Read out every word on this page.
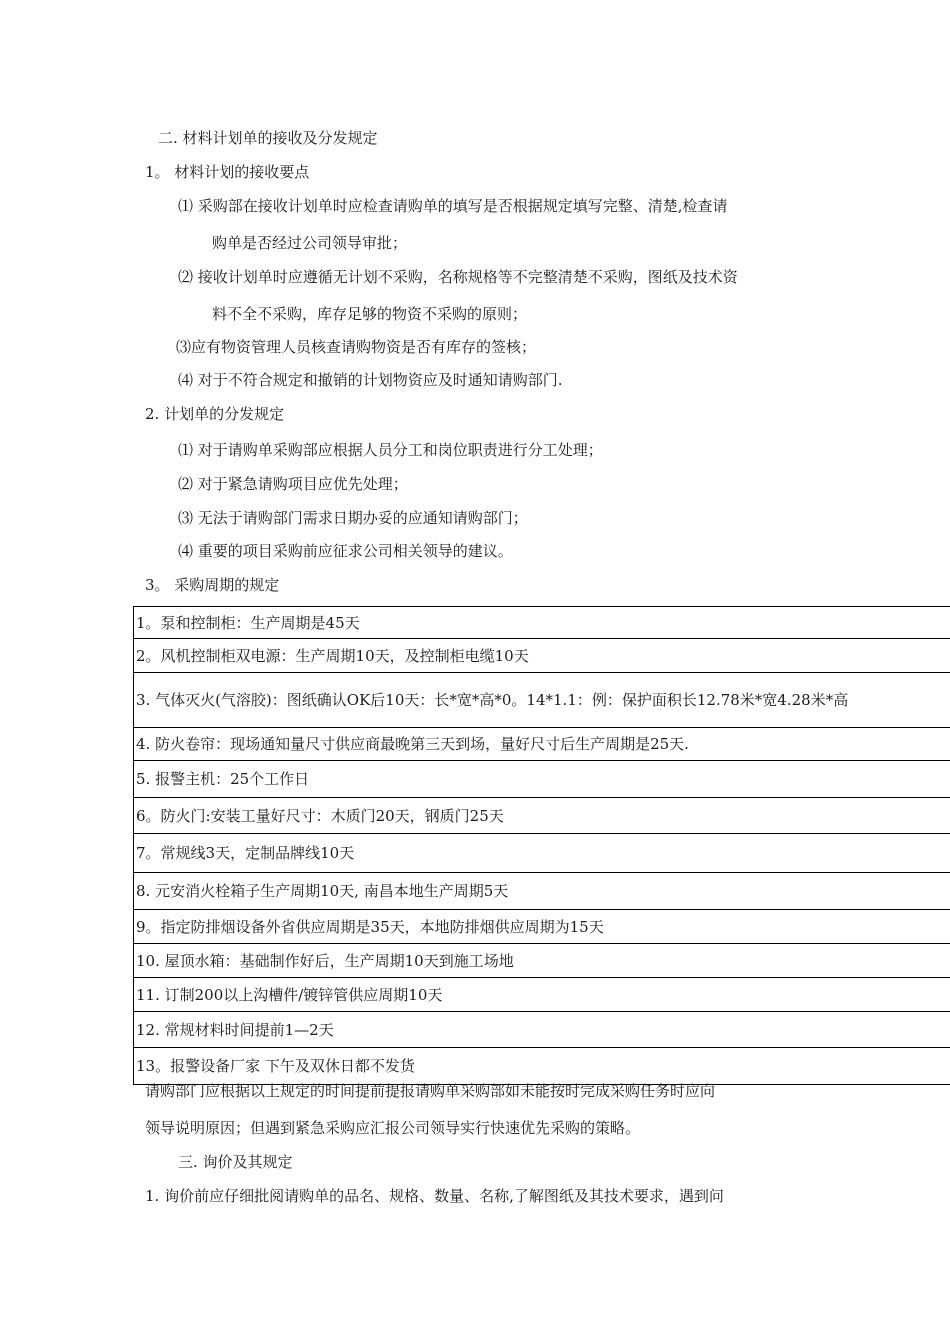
二. 材料计划单的接收及分发规定
1。 材料计划的接收要点
⑴ 采购部在接收计划单时应检查请购单的填写是否根据规定填写完整、清楚,检查请
购单是否经过公司领导审批；
⑵ 接收计划单时应遵循无计划不采购，名称规格等不完整清楚不采购，图纸及技术资
料不全不采购，库存足够的物资不采购的原则；
⑶应有物资管理人员核查请购物资是否有库存的签核；
⑷ 对于不符合规定和撤销的计划物资应及时通知请购部门.
2. 计划单的分发规定
⑴ 对于请购单采购部应根据人员分工和岗位职责进行分工处理；
⑵ 对于紧急请购项目应优先处理；
⑶ 无法于请购部门需求日期办妥的应通知请购部门；
⑷ 重要的项目采购前应征求公司相关领导的建议。
3。 采购周期的规定
1。泵和控制柜：生产周期是45天
2。风机控制柜双电源：生产周期10天，及控制柜电缆10天
3. 气体灭火(气溶胶)：图纸确认OK后10天：长*宽*高*0。14*1.1：例：保护面积长12.78米*宽4.28米*高
4. 防火卷帘：现场通知量尺寸供应商最晚第三天到场，量好尺寸后生产周期是25天.
5. 报警主机：25个工作日
6。防火门:安装工量好尺寸：木质门20天，钢质门25天
7。常规线3天，定制品牌线10天
8. 元安消火栓箱子生产周期10天, 南昌本地生产周期5天
9。指定防排烟设备外省供应周期是35天，本地防排烟供应周期为15天
10. 屋顶水箱：基础制作好后，生产周期10天到施工场地
11. 订制200以上沟槽件/镀锌管供应周期10天
12. 常规材料时间提前1—2天
13。报警设备厂家 下午及双休日都不发货
请购部门应根据以上规定的时间提前提报请购单采购部如未能按时完成采购任务时应向
领导说明原因；但遇到紧急采购应汇报公司领导实行快速优先采购的策略。
三. 询价及其规定
1. 询价前应仔细批阅请购单的品名、规格、数量、名称,了解图纸及其技术要求，遇到问
